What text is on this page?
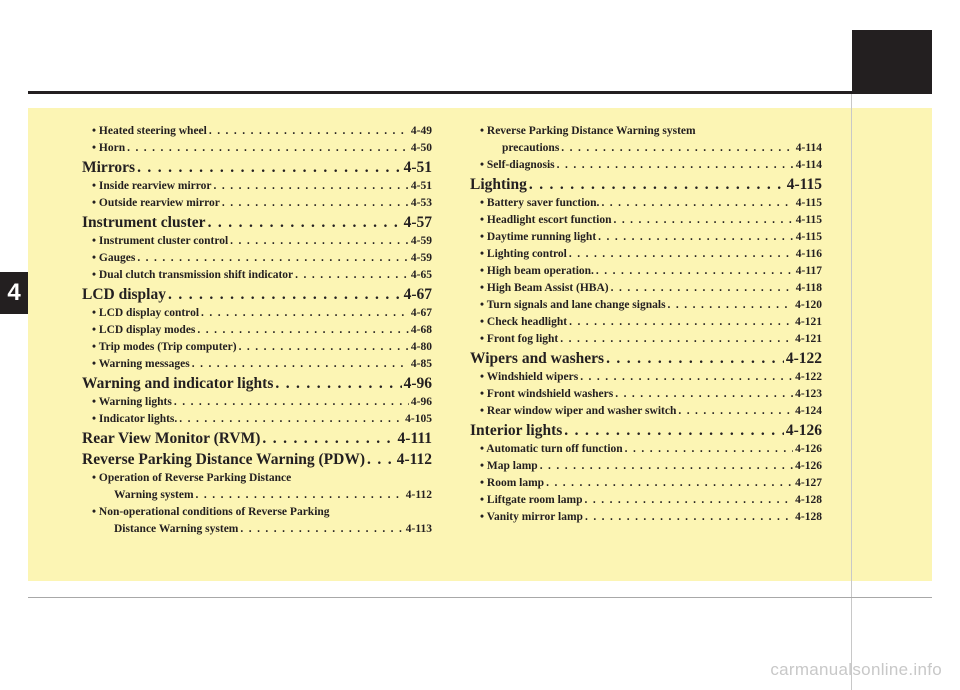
4
• Heated steering wheel . . .	4-49
• Horn . . .	4-50
Mirrors . . .	4-51
• Inside rearview mirror . . .	4-51
• Outside rearview mirror . . .	4-53
Instrument cluster . . .	4-57
• Instrument cluster control . . .	4-59
• Gauges . . .	4-59
• Dual clutch transmission shift indicator . . .	4-65
LCD display . . .	4-67
• LCD display control . . .	4-67
• LCD display modes . . .	4-68
• Trip modes (Trip computer) . . .	4-80
• Warning messages . . .	4-85
Warning and indicator lights . . .	4-96
• Warning lights . . .	4-96
• Indicator lights. . . .	4-105
Rear View Monitor (RVM) . . .	4-111
Reverse Parking Distance Warning (PDW) . . . 4-112
• Operation of Reverse Parking Distance
Warning system . . .	4-112
• Non-operational conditions of Reverse Parking
Distance Warning system . . .	4-113
• Reverse Parking Distance Warning system
precautions . . .	4-114
• Self-diagnosis . . .	4-114
Lighting . . .	4-115
• Battery saver function. . . .	4-115
• Headlight escort function . . .	4-115
• Daytime running light . . .	4-115
• Lighting control . . .	4-116
• High beam operation. . . .	4-117
• High Beam Assist (HBA) . . .	4-118
• Turn signals and lane change signals . . .	4-120
• Check headlight . . .	4-121
• Front fog light . . .	4-121
Wipers and washers . . .	4-122
• Windshield wipers . . .	4-122
• Front windshield washers . . .	4-123
• Rear window wiper and washer switch . . .	4-124
Interior lights . . .	4-126
• Automatic turn off function . . .	4-126
• Map lamp . . .	4-126
• Room lamp . . .	4-127
• Liftgate room lamp . . .	4-128
• Vanity mirror lamp . . .	4-128
carmanualsonline.info
